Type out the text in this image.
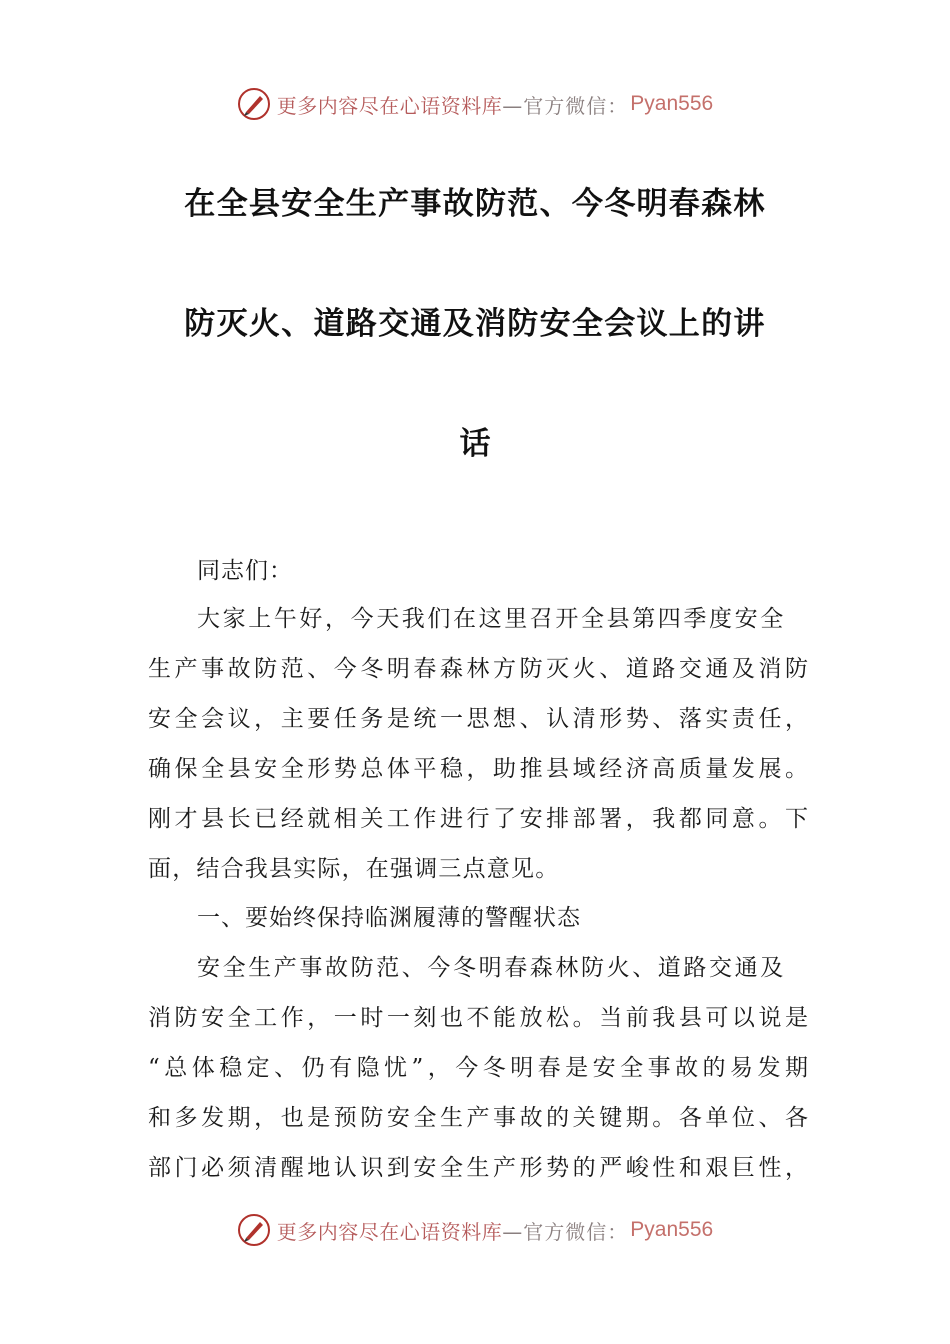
更多内容尽在心语资料库 —官方微信： Pyan556
在全县安全生产事故防范、今冬明春森林
防灭火、道路交通及消防安全会议上的讲
话
同志们：
大家上午好，今天我们在这里召开全县第四季度安全
生产事故防范、今冬明春森林方防灭火、道路交通及消防
安全会议，主要任务是统一思想、认清形势、落实责任，
确保全县安全形势总体平稳，助推县域经济高质量发展。
刚才县长已经就相关工作进行了安排部署，我都同意。下
面，结合我县实际，在强调三点意见。
一、要始终保持临渊履薄的警醒状态
安全生产事故防范、今冬明春森林防火、道路交通及
消防安全工作，一时一刻也不能放松。当前我县可以说是
“总体稳定、仍有隐忧”，今冬明春是安全事故的易发期
和多发期，也是预防安全生产事故的关键期。各单位、各
部门必须清醒地认识到安全生产形势的严峻性和艰巨性，
更多内容尽在心语资料库 —官方微信： Pyan556
